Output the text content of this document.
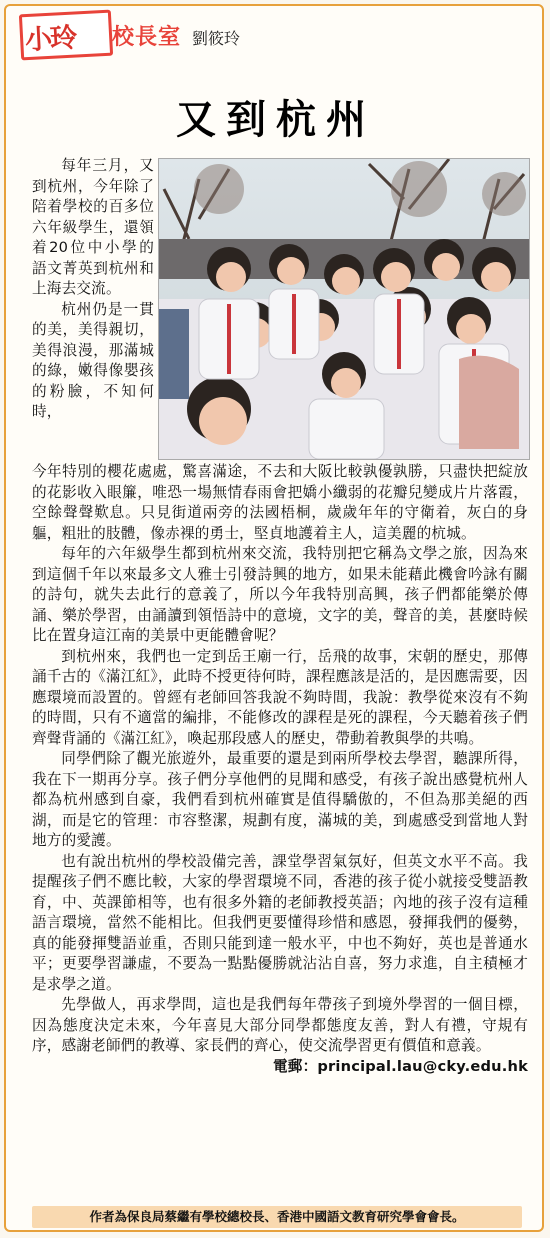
小玲 校長室 劉筱玲
又到杭州

每年三月，又到杭州，今年除了陪着學校的百多位六年級學生，還領着20位中小學的語文菁英到杭州和上海去交流。

杭州仍是一貫的美，美得親切，美得浪漫，那滿城的綠，嫩得像嬰孩的粉臉，不知何時，

今年特別的櫻花處處，驚喜滿途，不去和大阪比較孰優孰勝，只盡快把綻放的花影收入眼簾，唯恐一場無情春雨會把嬌小纖弱的花瓣兒變成片片落霞，空餘聲聲歎息。只見街道兩旁的法國梧桐，歲歲年年的守衛着，灰白的身軀，粗壯的肢體，像赤裸的勇士，堅貞地護着主人，這美麗的杭城。

每年的六年級學生都到杭州來交流，我特別把它稱為文學之旅，因為來到這個千年以來最多文人雅士引發詩興的地方，如果未能藉此機會吟詠有關的詩句，就失去此行的意義了，所以今年我特別高興，孩子們都能樂於傳誦、樂於學習，由誦讀到領悟詩中的意境，文字的美，聲音的美，甚麼時候比在置身這江南的美景中更能體會呢？

到杭州來，我們也一定到岳王廟一行，岳飛的故事，宋朝的歷史，那傳誦千古的《滿江紅》，此時不授更待何時，課程應該是活的，是因應需要，因應環境而設置的。曾經有老師回答我說不夠時間，我說：教學從來沒有不夠的時間，只有不適當的編排，不能修改的課程是死的課程，今天聽着孩子們齊聲背誦的《滿江紅》，喚起那段感人的歷史，帶動着教與學的共鳴。

同學們除了觀光旅遊外，最重要的還是到兩所學校去學習，聽課所得，我在下一期再分享。孩子們分享他們的見聞和感受，有孩子說出感覺杭州人都為杭州感到自豪，我們看到杭州確實是值得驕傲的，不但為那美絕的西湖，而是它的管理：市容整潔，規劃有度，滿城的美，到處感受到當地人對地方的愛護。

也有說出杭州的學校設備完善，課堂學習氣氛好，但英文水平不高。我提醒孩子們不應比較，大家的學習環境不同，香港的孩子從小就接受雙語教育，中、英課節相等，也有很多外籍的老師教授英語；內地的孩子沒有這種語言環境，當然不能相比。但我們更要懂得珍惜和感恩，發揮我們的優勢，真的能發揮雙語並重，否則只能到達一般水平，中也不夠好，英也是普通水平；更要學習謙虛，不要為一點點優勝就沾沾自喜，努力求進，自主積極才是求學之道。

先學做人，再求學問，這也是我們每年帶孩子到境外學習的一個目標，因為態度決定未來，今年喜見大部分同學都態度友善，對人有禮，守規有序，感謝老師們的教導、家長們的齊心，使交流學習更有價值和意義。

電郵：principal.lau@cky.edu.hk

作者為保良局蔡繼有學校總校長、香港中國語文教育研究學會會長。
